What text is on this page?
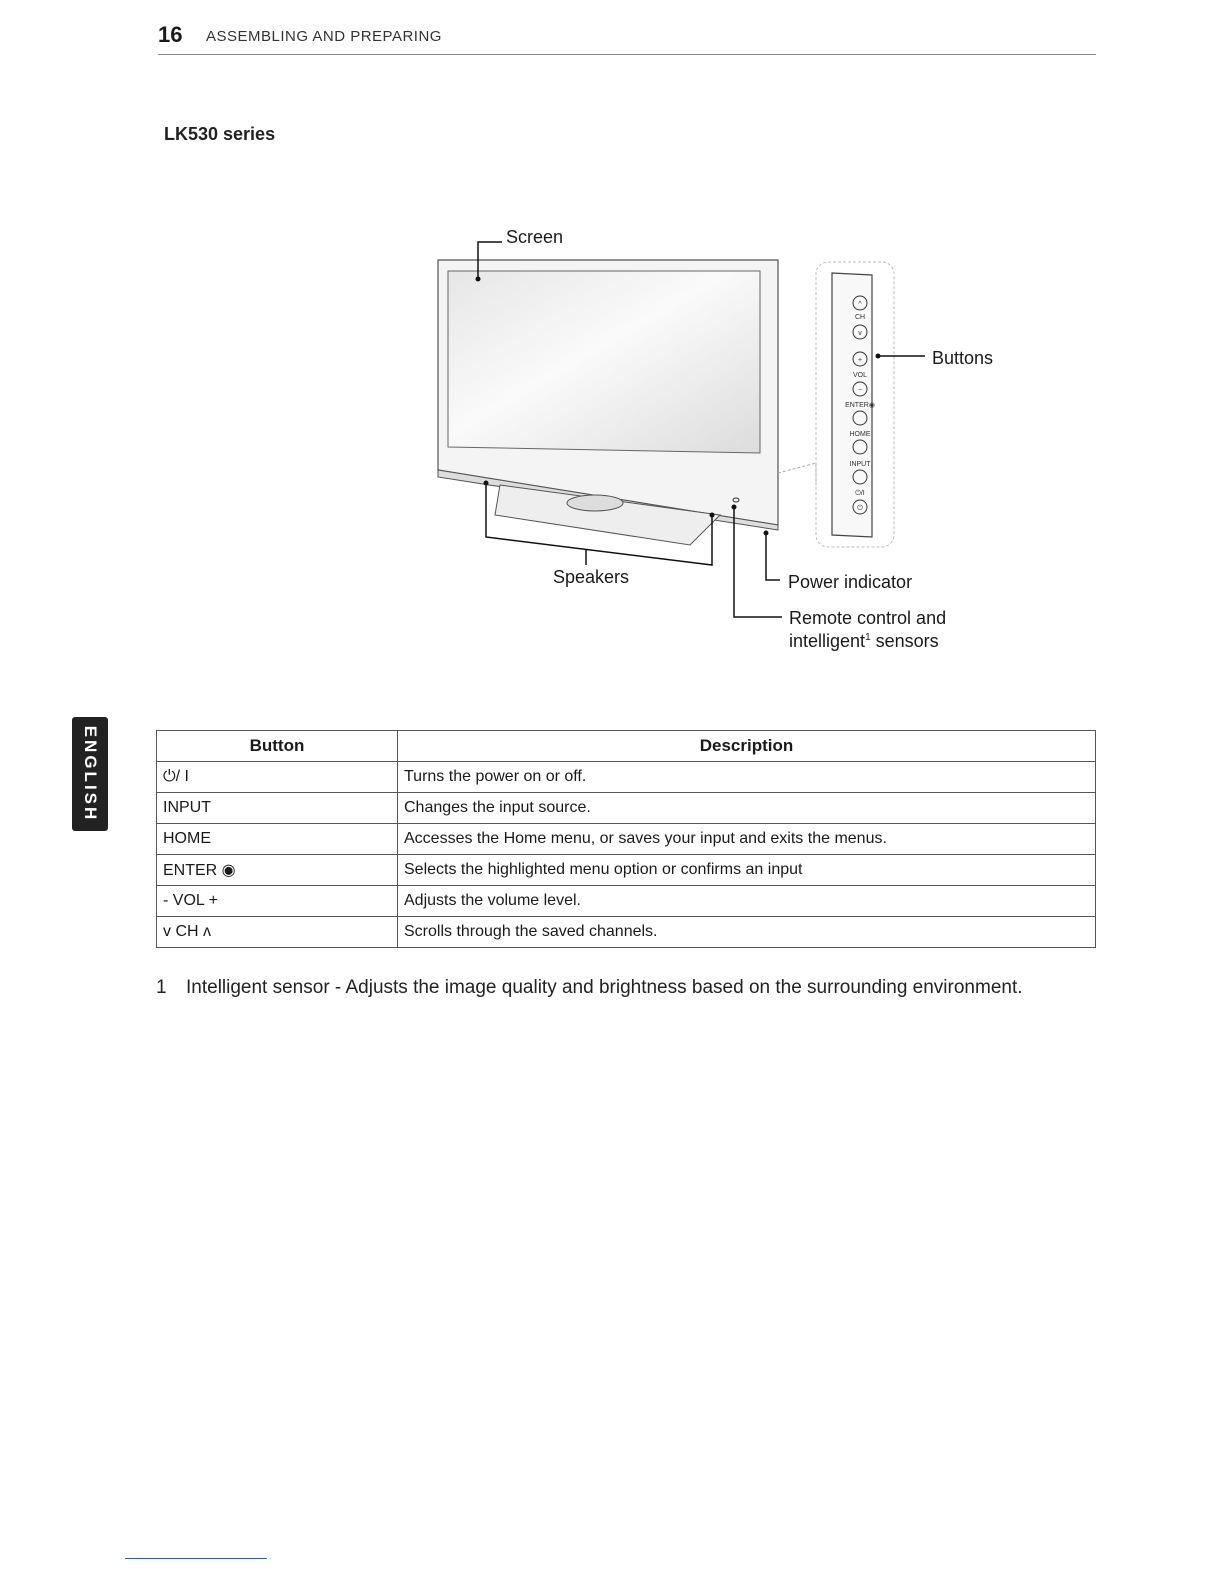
16 ASSEMBLING AND PREPARING
LK530 series
ENGLISH
Screen
^
CH
v
+
VOL
−
ENTER◉
HOME
INPUT
⏻/I
⏻
Buttons
Speakers	Power indicator
Remote control and
intelligent$^1$ sensors
Button	Description
⏻/ I	Turns the power on or off.
INPUT	Changes the input source.
HOME	Accesses the Home menu, or saves your input and exits the menus.
ENTER ◉	Selects the highlighted menu option or confirms an input
- VOL +	Adjusts the volume level.
v CH ʌ	Scrolls through the saved channels.
1 Intelligent sensor - Adjusts the image quality and brightness based on the surrounding environment.
